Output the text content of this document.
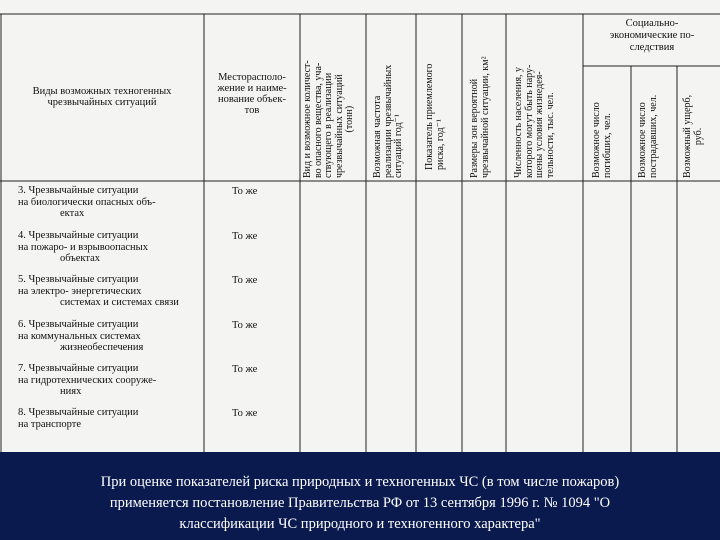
Виды возможных техногенных
чрезвычайных ситуаций
Месторасполо-
жение и наиме-
нование объек-
тов	Вид и возможное количест- во опасного вещества, уча- ствующего в реализации чрезвычайных ситуаций (тонн) Возможная частота реализации чрезвычайных ситуаций год⁻¹ Показатель приемлемого риска, год⁻¹ Размеры зон вероятной чрезвычайной ситуации, км² Численность населения, у которого могут быть нару- шены условия жизнедея- тельности, тыс. чел.
Социально-
экономические по-
следствия
Возможное число погибших, чел. Возможное число пострадавших, чел. Возможный ущерб, руб.
3. Чрезвычайные ситуации
на биологически опасных объ-
ектах
То же
4. Чрезвычайные ситуации
на пожаро- и взрывоопасных
объектах
То же
5. Чрезвычайные ситуации
на электро- энергетических
системах и системах связи
То же
6. Чрезвычайные ситуации
на коммунальных системах
жизнеобеспечения
То же
7. Чрезвычайные ситуации
на гидротехнических сооруже-
ниях
То же
8. Чрезвычайные ситуации
на транспорте
То же
При оценке показателей риска природных и техногенных ЧС (в том числе пожаров)
применяется постановление Правительства РФ от 13 сентября 1996 г. № 1094 "О
классификации ЧС природного и техногенного характера"
